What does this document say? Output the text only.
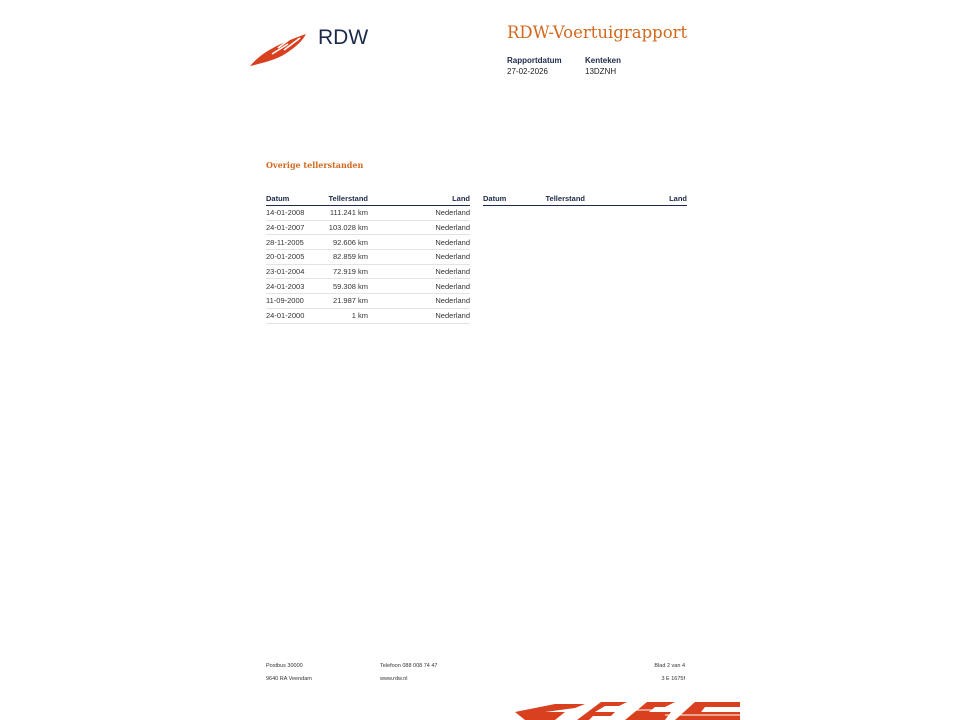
RDW	RDW-Voertuigrapport
Rapportdatum
27-02-2026
Kenteken
13DZNH
Overige tellerstanden
Datum	Tellerstand	Land
14-01-2008	111.241 km	Nederland
24-01-2007	103.028 km	Nederland
28-11-2005	92.606 km	Nederland
20-01-2005	82.859 km	Nederland
23-01-2004	72.919 km	Nederland
24-01-2003	59.308 km	Nederland
11-09-2000	21.987 km	Nederland
24-01-2000	1 km	Nederland
Datum	Tellerstand	Land
Postbus 30000
9640 RA Veendam
Telefoon 088 008 74 47
www.rdw.nl
Blad 2 van 4
3 E 1675f
